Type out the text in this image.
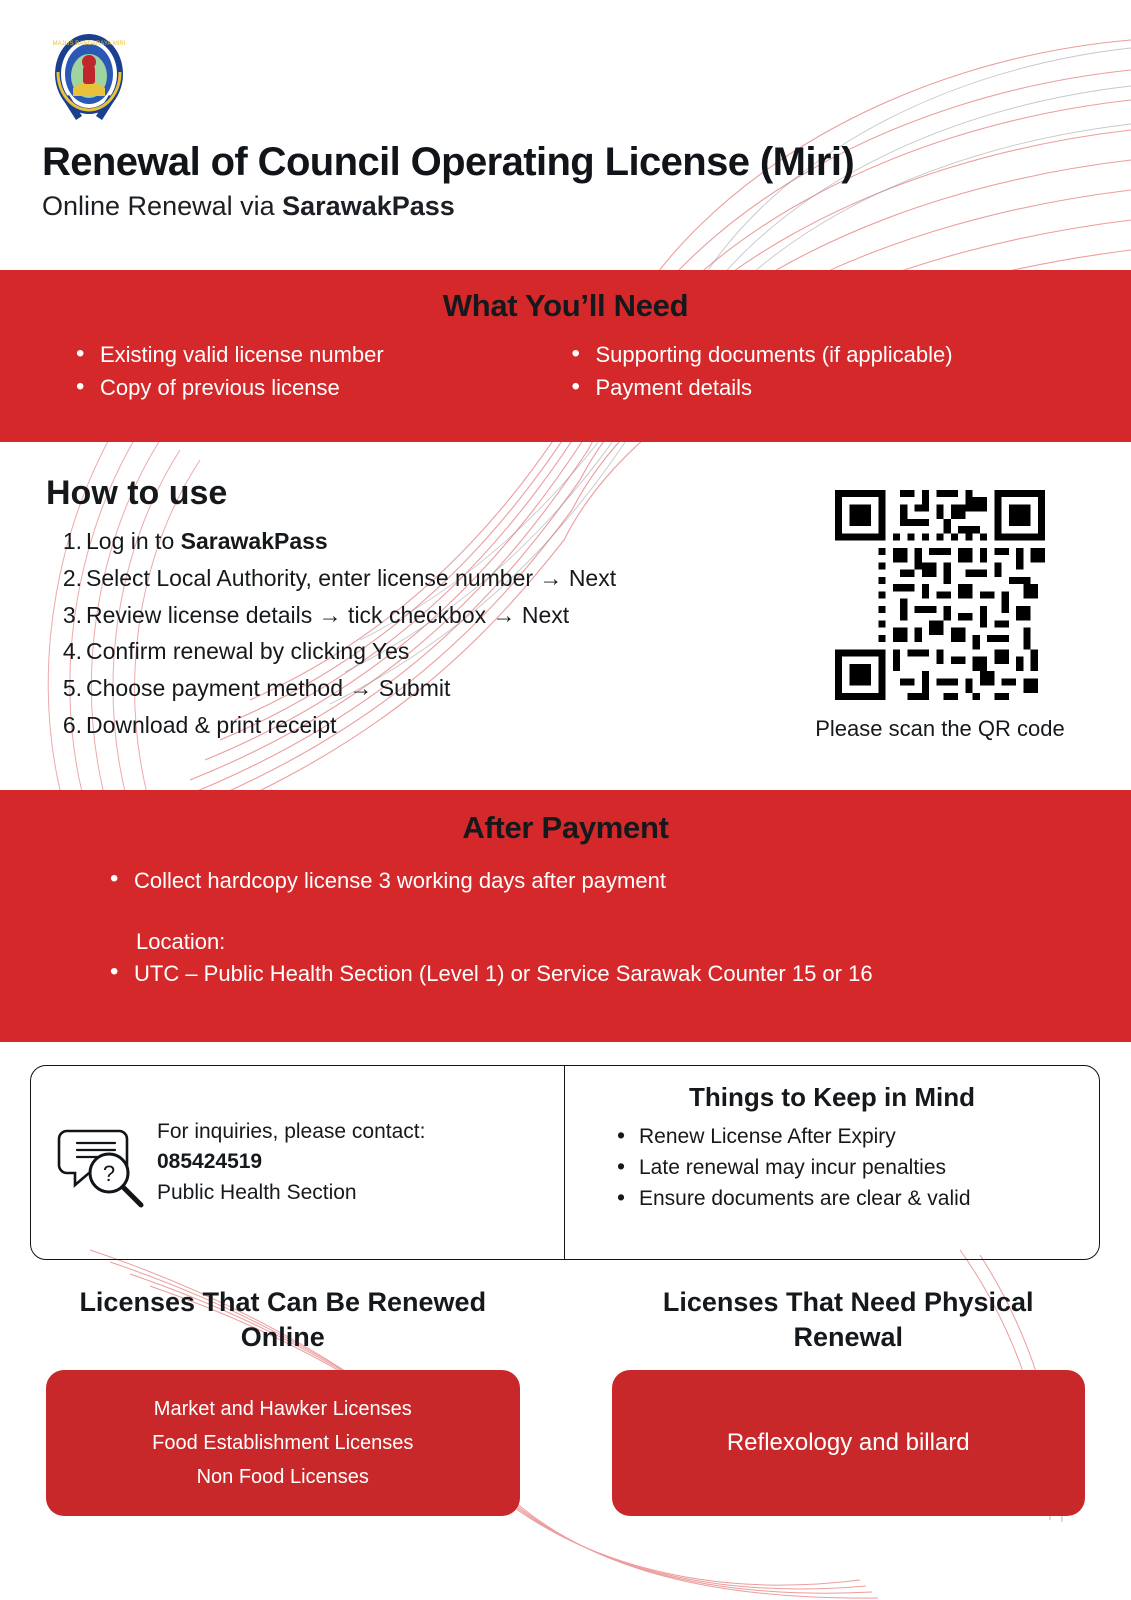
MAJLIS BANDARAYA MIRI
Renewal of Council Operating License (Miri)
Online Renewal via SarawakPass
What You’ll Need
• Existing valid license number
• Copy of previous license
• Supporting documents (if applicable)
• Payment details
How to use
Log in to SarawakPass
Select Local Authority, enter license number → Next
Review license details → tick checkbox → Next
Confirm renewal by clicking Yes
Choose payment method → Submit
Download & print receipt	Please scan the QR code
After Payment
• Collect hardcopy license 3 working days after payment
Location:
• UTC – Public Health Section (Level 1) or Service Sarawak Counter 15 or 16
?
For inquiries, please contact:
085424519
Public Health Section
Things to Keep in Mind
• Renew License After Expiry
• Late renewal may incur penalties
• Ensure documents are clear & valid
Licenses That Can Be Renewed Online
Market and Hawker Licenses
Food Establishment Licenses
Non Food Licenses
Licenses That Need Physical Renewal
Reflexology and billard
